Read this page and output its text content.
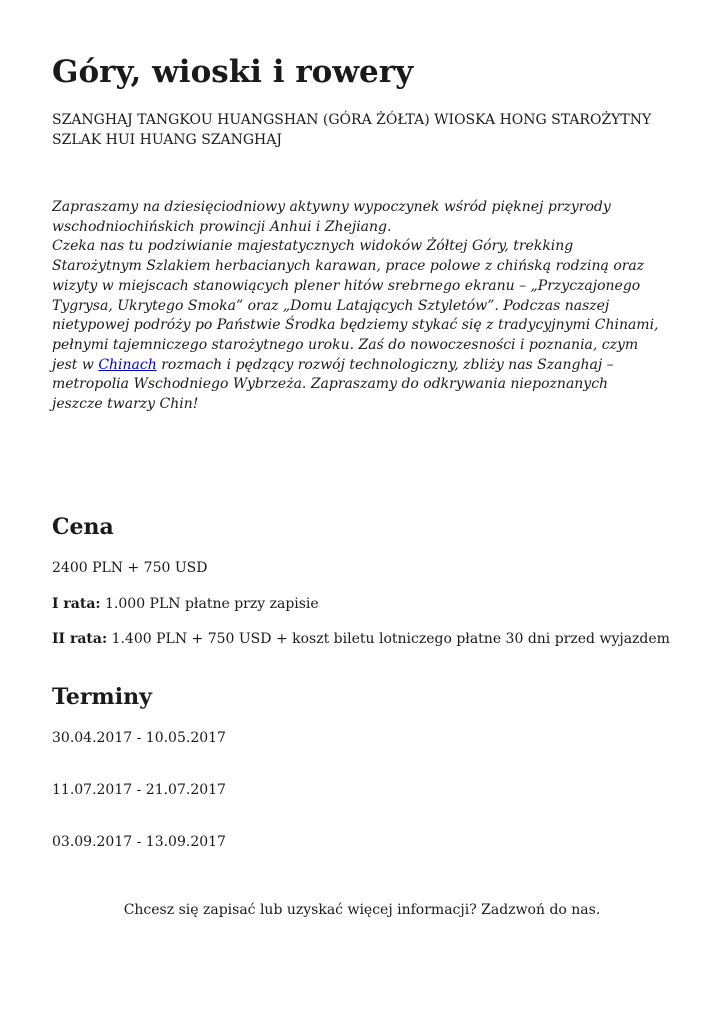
Góry, wioski i rowery

SZANGHAJ TANGKOU HUANGSHAN (GÓRA ŻÓŁTA) WIOSKA HONG STAROŻYTNY SZLAK HUI HUANG SZANGHAJ

Zapraszamy na dziesięciodniowy aktywny wypoczynek wśród pięknej przyrody wschodniochińskich prowincji Anhui i Zhejiang.
Czeka nas tu podziwianie majestatycznych widoków Żółtej Góry, trekking Starożytnym Szlakiem herbacianych karawan, prace polowe z chińską rodziną oraz wizyty w miejscach stanowiących plener hitów srebrnego ekranu – „Przyczajonego Tygrysa, Ukrytego Smoka” oraz „Domu Latających Sztyletów”. Podczas naszej nietypowej podróży po Państwie Środka będziemy stykać się z tradycyjnymi Chinami, pełnymi tajemniczego starożytnego uroku. Zaś do nowoczesności i poznania, czym jest w Chinach rozmach i pędzący rozwój technologiczny, zbliży nas Szanghaj – metropolia Wschodniego Wybrzeża. Zapraszamy do odkrywania niepoznanych jeszcze twarzy Chin!

Cena

2400 PLN + 750 USD

I rata: 1.000 PLN płatne przy zapisie

II rata: 1.400 PLN + 750 USD + koszt biletu lotniczego płatne 30 dni przed wyjazdem

Terminy

30.04.2017 - 10.05.2017

11.07.2017 - 21.07.2017

03.09.2017 - 13.09.2017

Chcesz się zapisać lub uzyskać więcej informacji? Zadzwoń do nas.
